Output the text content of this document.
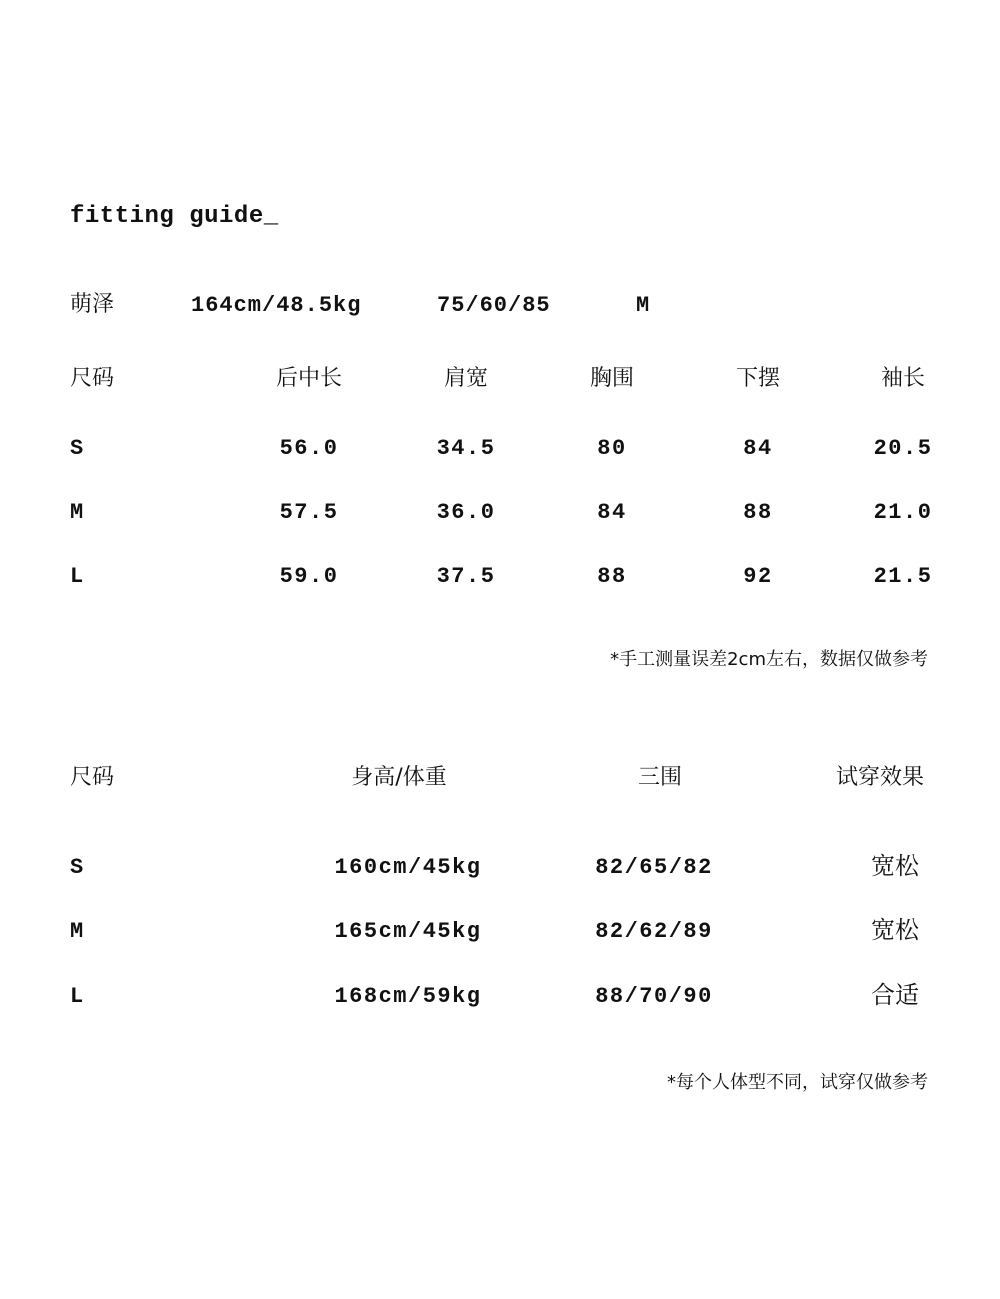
fitting guide_
萌泽	164cm/48.5kg	75/60/85	M
尺码	后中长	肩宽	胸围	下摆	袖长
S	56.0	34.5	80	84	20.5
M	57.5	36.0	84	88	21.0
L	59.0	37.5	88	92	21.5
*手工测量误差2cm左右，数据仅做参考
尺码	身高/体重	三围	试穿效果
S	160cm/45kg	82/65/82	宽松
M	165cm/45kg	82/62/89	宽松
L	168cm/59kg	88/70/90	合适
*每个人体型不同，试穿仅做参考
